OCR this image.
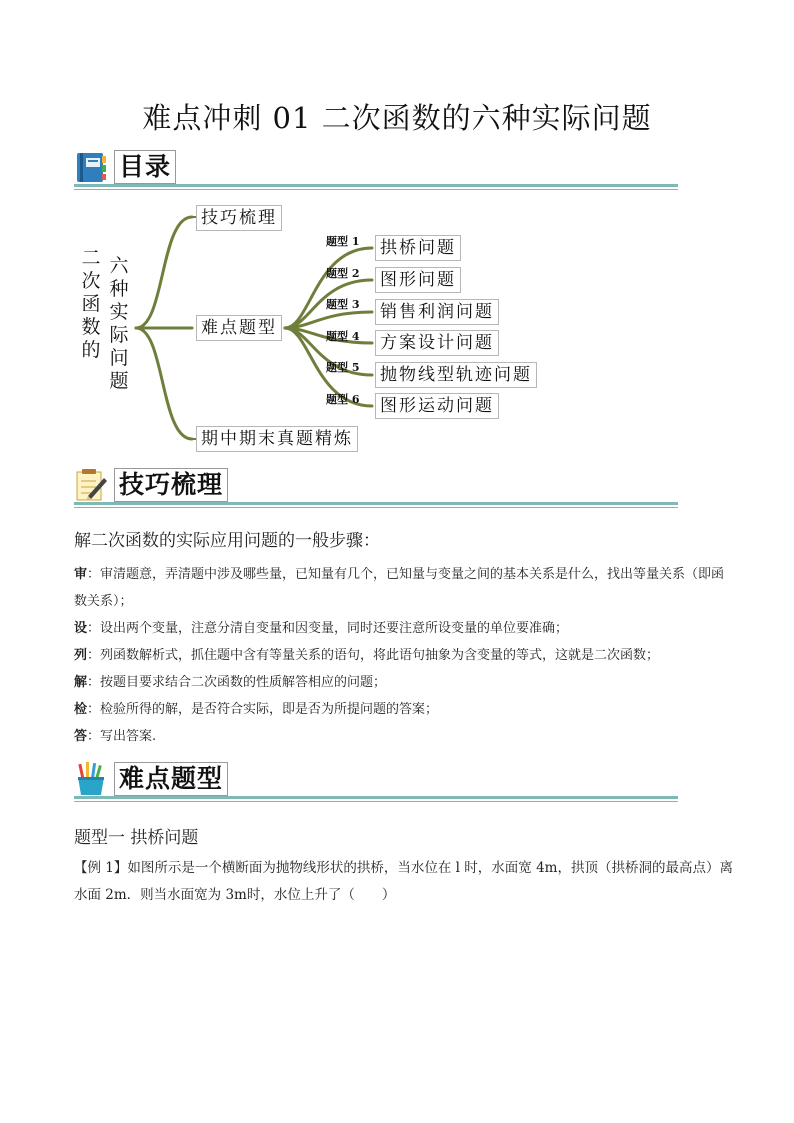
难点冲刺 01 二次函数的六种实际问题
目录
六种实际问题
二次函数的
技巧梳理
难点题型
期中期末真题精炼
题型 1 拱桥问题
题型 2 图形问题
题型 3 销售利润问题
题型 4 方案设计问题
题型 5 抛物线型轨迹问题
题型 6 图形运动问题
技巧梳理
解二次函数的实际应用问题的一般步骤：
审：审清题意，弄清题中涉及哪些量，已知量有几个，已知量与变量之间的基本关系是什么，找出等量关系（即函数关系）；
设：设出两个变量，注意分清自变量和因变量，同时还要注意所设变量的单位要准确；
列：列函数解析式，抓住题中含有等量关系的语句，将此语句抽象为含变量的等式，这就是二次函数；
解：按题目要求结合二次函数的性质解答相应的问题；
检：检验所得的解，是否符合实际，即是否为所提问题的答案；
答：写出答案.
难点题型
题型一 拱桥问题
【例 1】如图所示是一个横断面为抛物线形状的拱桥，当水位在 l 时，水面宽 4m，拱顶（拱桥洞的最高点）离水面 2m．则当水面宽为 3m时，水位上升了（　　）
